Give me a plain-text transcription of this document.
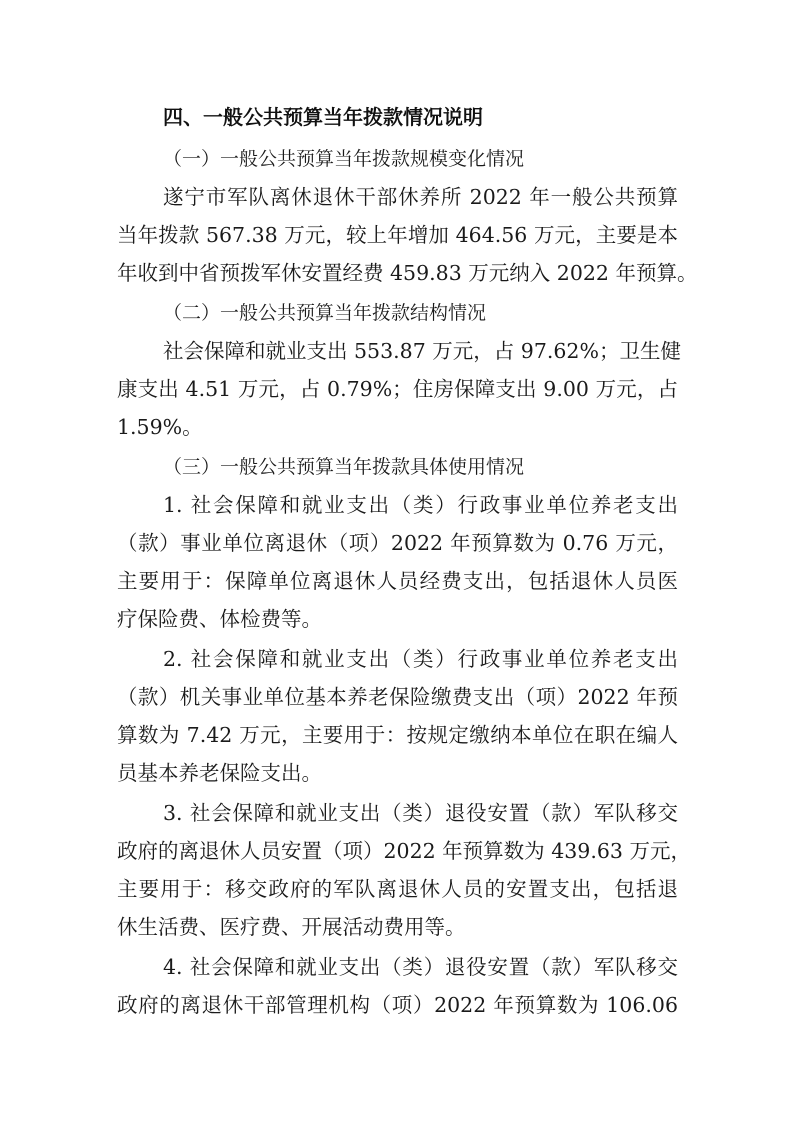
四、一般公共预算当年拨款情况说明
（一）一般公共预算当年拨款规模变化情况
遂宁市军队离休退休干部休养所 2022 年一般公共预算
当年拨款 567.38 万元，较上年增加 464.56 万元，主要是本
年收到中省预拨军休安置经费 459.83 万元纳入 2022 年预算。
（二）一般公共预算当年拨款结构情况
社会保障和就业支出 553.87 万元，占 97.62%；卫生健
康支出 4.51 万元，占 0.79%；住房保障支出 9.00 万元，占
1.59%。
（三）一般公共预算当年拨款具体使用情况
1. 社会保障和就业支出（类）行政事业单位养老支出
（款）事业单位离退休（项）2022 年预算数为 0.76 万元，
主要用于：保障单位离退休人员经费支出，包括退休人员医
疗保险费、体检费等。
2. 社会保障和就业支出（类）行政事业单位养老支出
（款）机关事业单位基本养老保险缴费支出（项）2022 年预
算数为 7.42 万元，主要用于：按规定缴纳本单位在职在编人
员基本养老保险支出。
3. 社会保障和就业支出（类）退役安置（款）军队移交
政府的离退休人员安置（项）2022 年预算数为 439.63 万元，
主要用于：移交政府的军队离退休人员的安置支出，包括退
休生活费、医疗费、开展活动费用等。
4. 社会保障和就业支出（类）退役安置（款）军队移交
政府的离退休干部管理机构（项）2022 年预算数为 106.06
